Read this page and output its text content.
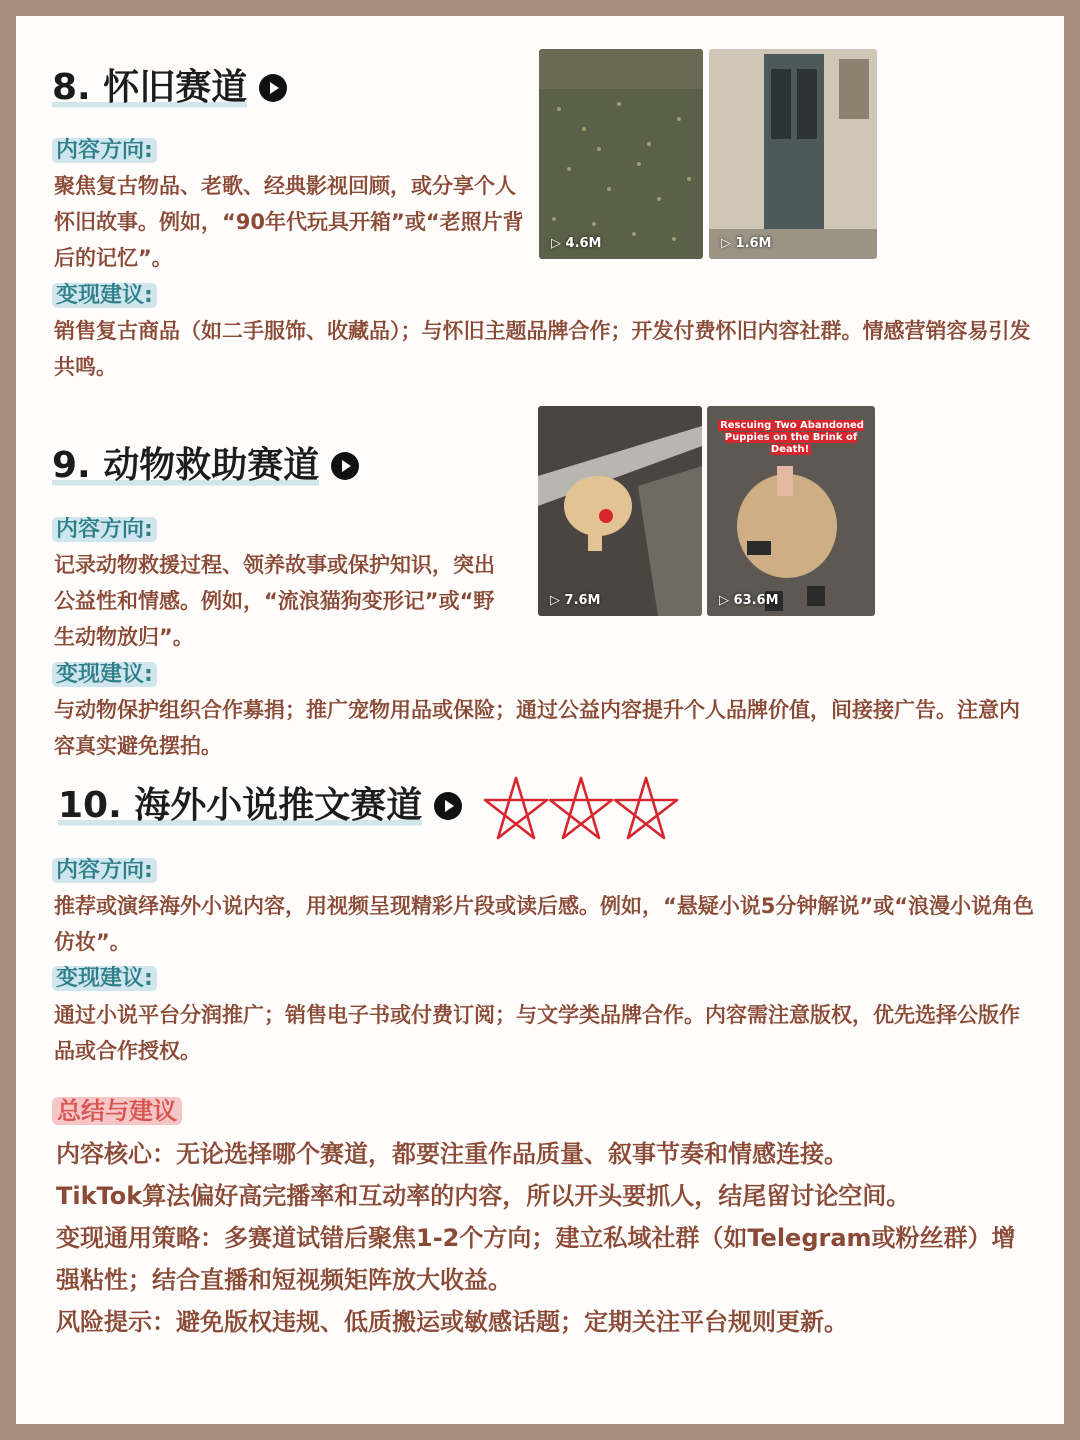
8. 怀旧赛道
内容方向:
聚焦复古物品、老歌、经典影视回顾，或分享个人怀旧故事。例如，“90年代玩具开箱”或“老照片背后的记忆”。
变现建议:
销售复古商品（如二手服饰、收藏品）；与怀旧主题品牌合作；开发付费怀旧内容社群。情感营销容易引发共鸣。
▷ 4.6M	▷ 1.6M
9. 动物救助赛道
内容方向:
记录动物救援过程、领养故事或保护知识，突出公益性和情感。例如，“流浪猫狗变形记”或“野生动物放归”。
变现建议:
与动物保护组织合作募捐；推广宠物用品或保险；通过公益内容提升个人品牌价值，间接接广告。注意内容真实避免摆拍。
▷ 7.6M
Rescuing Two Abandoned Puppies on the Brink of Death!
▷ 63.6M
10. 海外小说推文赛道
内容方向:
推荐或演绎海外小说内容，用视频呈现精彩片段或读后感。例如，“悬疑小说5分钟解说”或“浪漫小说角色仿妆”。
变现建议:
通过小说平台分润推广；销售电子书或付费订阅；与文学类品牌合作。内容需注意版权，优先选择公版作品或合作授权。
总结与建议
内容核心：无论选择哪个赛道，都要注重作品质量、叙事节奏和情感连接。
TikTok算法偏好高完播率和互动率的内容，所以开头要抓人，结尾留讨论空间。
变现通用策略：多赛道试错后聚焦1-2个方向；建立私域社群（如Telegram或粉丝群）增强粘性；结合直播和短视频矩阵放大收益。
风险提示：避免版权违规、低质搬运或敏感话题；定期关注平台规则更新。
